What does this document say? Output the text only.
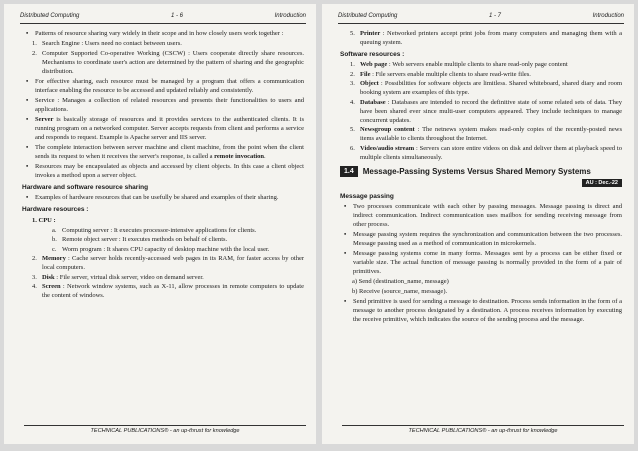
Distributed Computing	1 - 6	Introduction
•	Patterns of resource sharing vary widely in their scope and in how closely users work together :
1. Search Engine : Users need no contact between users.
2. Computer Supported Co-operative Working (CSCW) : Users cooperate directly share resources. Mechanisms to coordinate user's action are determined by the pattern of sharing and the geographic distribution.
•	For effective sharing, each resource must be managed by a program that offers a communication interface enabling the resource to be accessed and updated reliably and consistently.
•	Service : Manages a collection of related resources and presents their functionalities to users and applications.
•	Server is basically storage of resources and it provides services to the authenticated clients. It is running program on a networked computer. Server accepts requests from client and performs a service and responds to request. Example is Apache server and IIS server.
•	The complete interaction between server machine and client machine, from the point when the client sends its request to when it receives the server's response, is called a remote invocation.
•	Resources may be encapsulated as objects and accessed by client objects. In this case a client object invokes a method upon a server object.
Hardware and software resource sharing
•	Examples of hardware resources that can be usefully be shared and examples of their sharing.
Hardware resources :
1. CPU :
a. Computing server : It executes processor-intensive applications for clients.
b. Remote object server : It executes methods on behalf of clients.
c. Worm program : It shares CPU capacity of desktop machine with the local user.
2. Memory : Cache server holds recently-accessed web pages in its RAM, for faster access by other local computers.
3. Disk : File server, virtual disk server, video on demand server.
4. Screen : Network window systems, such as X-11, allow processes in remote computers to update the content of windows.
TECHNICAL PUBLICATIONS® - an up-thrust for knowledge
Distributed Computing	1 - 7	Introduction
5. Printer : Networked printers accept print jobs from many computers and managing them with a queuing system.
Software resources :
1. Web page : Web servers enable multiple clients to share read-only page content
2. File : File servers enable multiple clients to share read-write files.
3. Object : Possibilities for software objects are limitless. Shared whiteboard, shared diary and room booking system are examples of this type.
4. Database : Databases are intended to record the definitive state of some related sets of data. They have been shared ever since multi-user computers appeared. They include techniques to manage concurrent updates.
5. Newsgroup content : The netnews system makes read-only copies of the recently-posted news items available to clients throughout the Internet.
6. Video/audio stream : Servers can store entire videos on disk and deliver them at playback speed to multiple clients simultaneously.
1.4	Message-Passing Systems Versus Shared Memory Systems
AU : Dec.-22
Message passing
•	Two processes communicate with each other by passing messages. Message passing is direct and indirect communication. Indirect communication uses mailbox for sending receiving message from other process.
•	Message passing system requires the synchronization and communication between the two processes. Message passing used as a method of communication in microkernels.
•	Message passing systems come in many forms. Messages sent by a process can be either fixed or variable size. The actual function of message passing is normally provided in the form of a pair of primitives.
a) Send (destination_name, message)
b) Receive (source_name, message).
•	Send primitive is used for sending a message to destination. Process sends information in the form of a message to another process designated by a destination. A process receives information by executing the receive primitive, which indicates the source of the sending process and the message.
TECHNICAL PUBLICATIONS® - an up-thrust for knowledge
